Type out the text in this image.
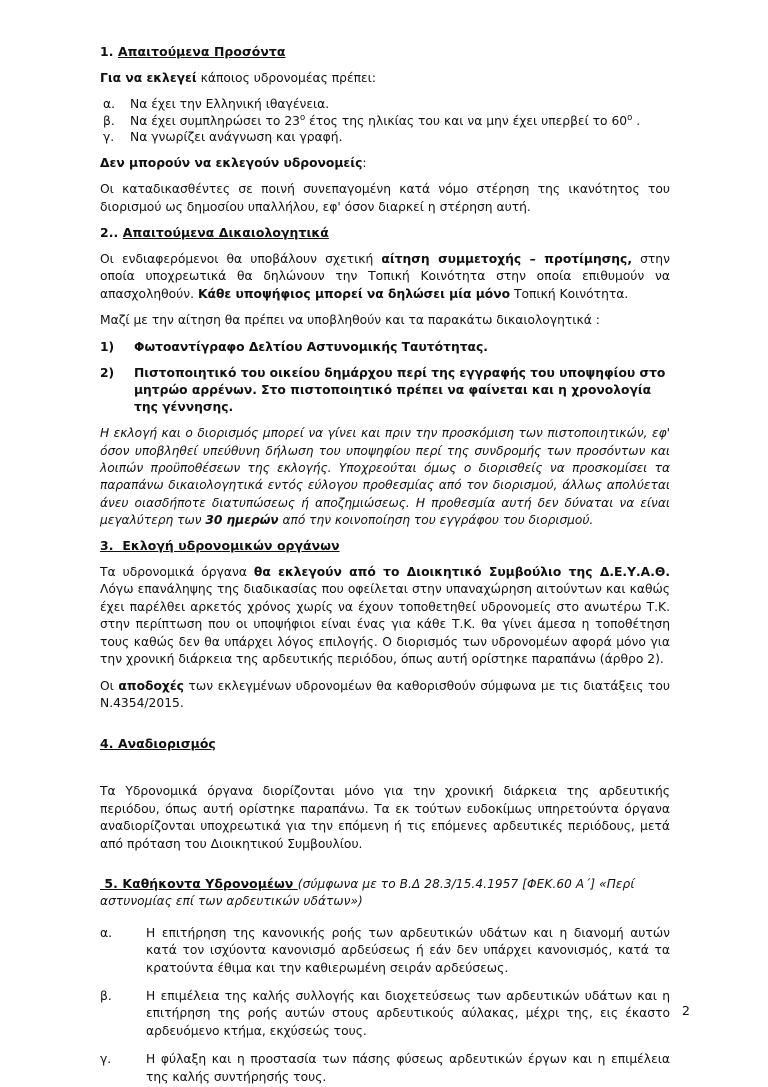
1. Απαιτούμενα Προσόντα

Για να εκλεγεί κάποιος υδρονομέας πρέπει:

α.	Να έχει την Ελληνική ιθαγένεια.
β.	Να έχει συμπληρώσει το $23^o$ έτος της ηλικίας του και να μην έχει υπερβεί το $60^o$ .
γ.	Να γνωρίζει ανάγνωση και γραφή.

Δεν μπορούν να εκλεγούν υδρονομείς:

Οι καταδικασθέντες σε ποινή συνεπαγομένη κατά νόμο στέρηση της ικανότητος του διορισμού ως δημοσίου υπαλλήλου, εφ' όσον διαρκεί η στέρηση αυτή.

2.. Απαιτούμενα Δικαιολογητικά

Οι ενδιαφερόμενοι θα υποβάλουν σχετική αίτηση συμμετοχής – προτίμησης, στην οποία υποχρεωτικά θα δηλώνουν την Τοπική Κοινότητα στην οποία επιθυμούν να απασχοληθούν. Κάθε υποψήφιος μπορεί να δηλώσει μία μόνο Τοπική Κοινότητα.

Μαζί με την αίτηση θα πρέπει να υποβληθούν και τα παρακάτω δικαιολογητικά :

1)	Φωτοαντίγραφο Δελτίου Αστυνομικής Ταυτότητας.
2)	Πιστοποιητικό του οικείου δημάρχου περί της εγγραφής του υποψηφίου στο μητρώο αρρένων. Στο πιστοποιητικό πρέπει να φαίνεται και η χρονολογία της γέννησης.

Η εκλογή και ο διορισμός μπορεί να γίνει και πριν την προσκόμιση των πιστοποιητικών, εφ' όσον υποβληθεί υπεύθυνη δήλωση του υποψηφίου περί της συνδρομής των προσόντων και λοιπών προϋποθέσεων της εκλογής. Υποχρεούται όμως ο διορισθείς να προσκομίσει τα παραπάνω δικαιολογητικά εντός εύλογου προθεσμίας από τον διορισμού, άλλως απολύεται άνευ οιασδήποτε διατυπώσεως ή αποζημιώσεως. Η προθεσμία αυτή δεν δύναται να είναι μεγαλύτερη των 30 ημερών από την κοινοποίηση του εγγράφου του διορισμού.

3. Εκλογή υδρονομικών οργάνων

Τα υδρονομικά όργανα θα εκλεγούν από το Διοικητικό Συμβούλιο της Δ.Ε.Υ.Α.Θ. Λόγω επανάληψης της διαδικασίας που οφείλεται στην υπαναχώρηση αιτούντων και καθώς έχει παρέλθει αρκετός χρόνος χωρίς να έχουν τοποθετηθεί υδρονομείς στο ανωτέρω Τ.Κ. στην περίπτωση που οι υποψήφιοι είναι ένας για κάθε Τ.Κ. θα γίνει άμεσα η τοποθέτηση τους καθώς δεν θα υπάρχει λόγος επιλογής. Ο διορισμός των υδρονομέων αφορά μόνο για την χρονική διάρκεια της αρδευτικής περιόδου, όπως αυτή ορίστηκε παραπάνω (άρθρο 2).

Οι αποδοχές των εκλεγμένων υδρονομέων θα καθορισθούν σύμφωνα με τις διατάξεις του Ν.4354/2015.

4. Αναδιορισμός

Τα Υδρονομικά όργανα διορίζονται μόνο για την χρονική διάρκεια της αρδευτικής περιόδου, όπως αυτή ορίστηκε παραπάνω. Τα εκ τούτων ευδοκίμως υπηρετούντα όργανα αναδιορίζονται υποχρεωτικά για την επόμενη ή τις επόμενες αρδευτικές περιόδους, μετά από πρόταση του Διοικητικού Συμβουλίου.

5. Καθήκοντα Υδρονομέων (σύμφωνα με το Β.Δ 28.3/15.4.1957 [ΦΕΚ.60 Α΄] «Περί αστυνομίας επί των αρδευτικών υδάτων»)
α.	Η επιτήρηση της κανονικής ροής των αρδευτικών υδάτων και η διανομή αυτών κατά τον ισχύοντα κανονισμό αρδεύσεως ή εάν δεν υπάρχει κανονισμός, κατά τα κρατούντα έθιμα και την καθιερωμένη σειράν αρδεύσεως.
β.	Η επιμέλεια της καλής συλλογής και διοχετεύσεως των αρδευτικών υδάτων και η επιτήρηση της ροής αυτών στους αρδευτικούς αύλακας, μέχρι της, εις έκαστο αρδευόμενο κτήμα, εκχύσεώς τους.
γ.	Η φύλαξη και η προστασία των πάσης φύσεως αρδευτικών έργων και η επιμέλεια της καλής συντήρησής τους.
2
